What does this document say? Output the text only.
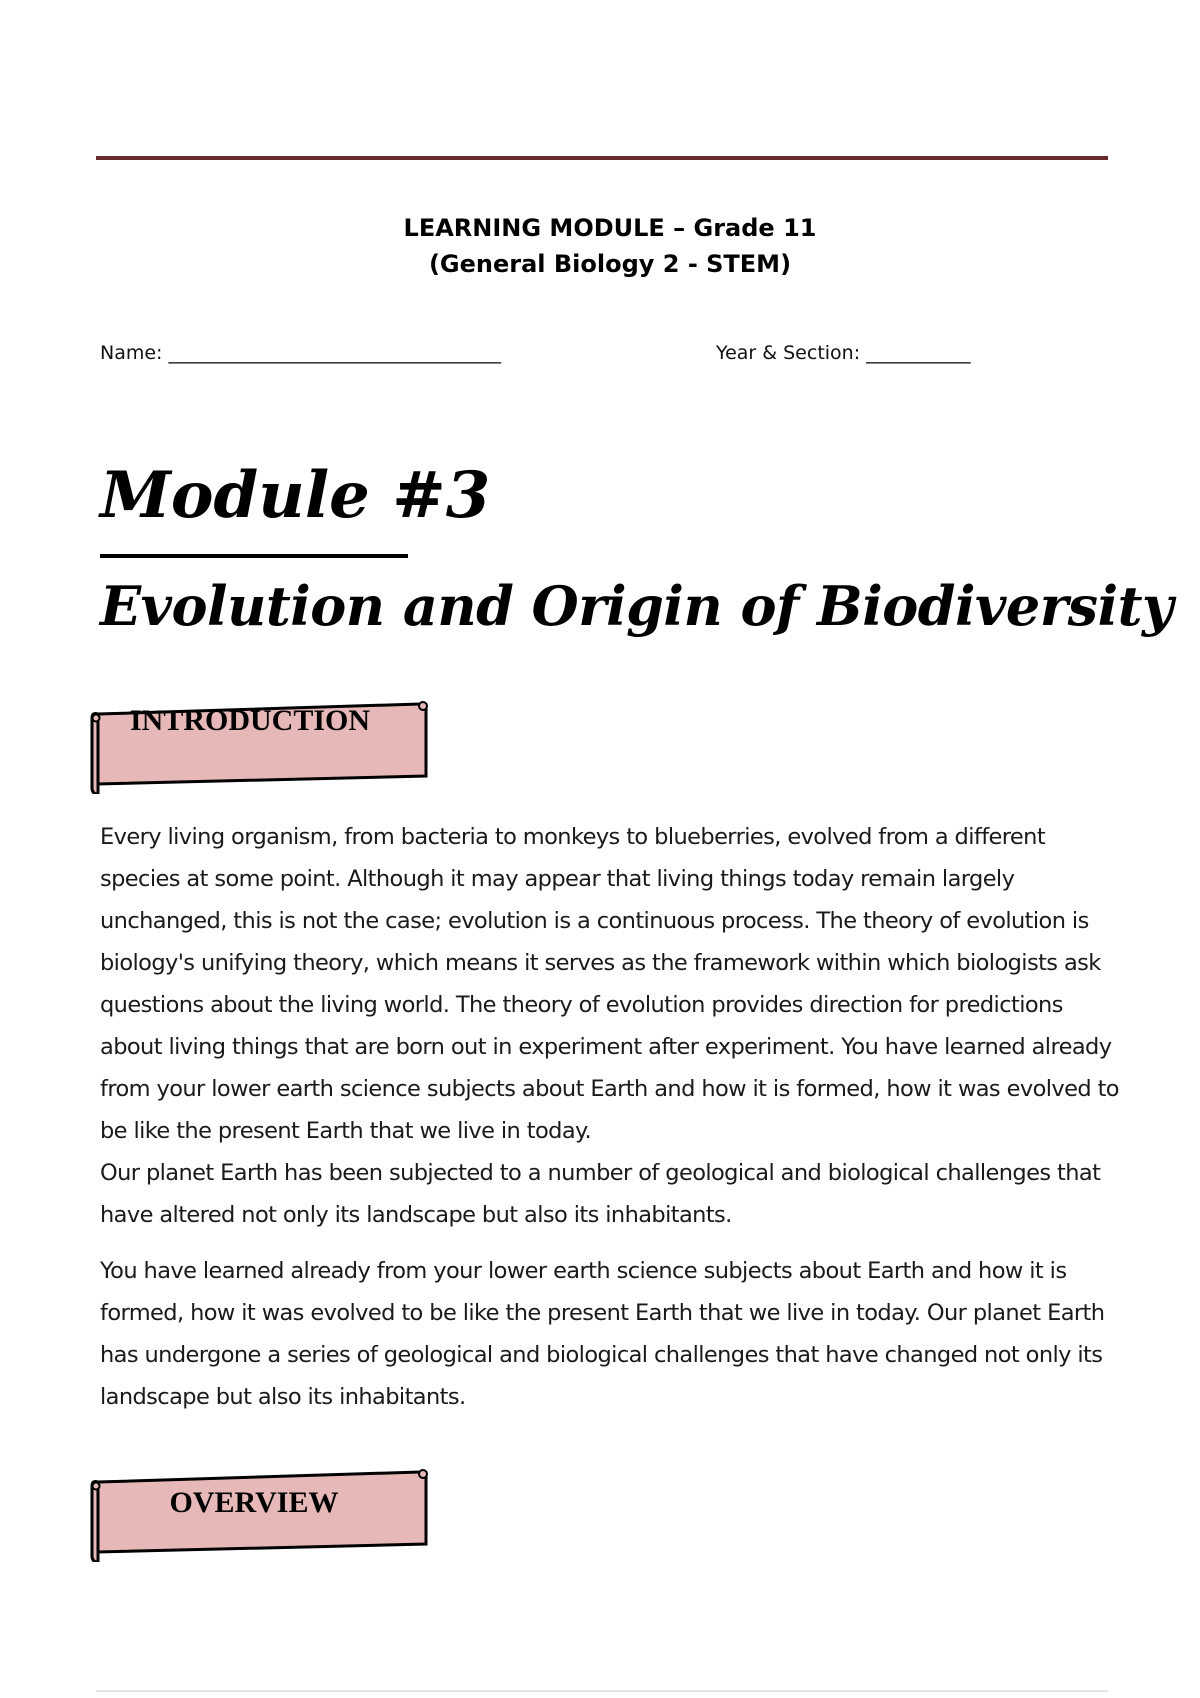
LEARNING MODULE – Grade 11
(General Biology 2 - STEM)
Name: ___________________________________	Year & Section: ___________
Module #3
Evolution and Origin of Biodiversity
INTRODUCTION
Every living organism, from bacteria to monkeys to blueberries, evolved from a different species at some point. Although it may appear that living things today remain largely unchanged, this is not the case; evolution is a continuous process. The theory of evolution is biology's unifying theory, which means it serves as the framework within which biologists ask questions about the living world. The theory of evolution provides direction for predictions about living things that are born out in experiment after experiment. You have learned already from your lower earth science subjects about Earth and how it is formed, how it was evolved to be like the present Earth that we live in today.
Our planet Earth has been subjected to a number of geological and biological challenges that have altered not only its landscape but also its inhabitants.
You have learned already from your lower earth science subjects about Earth and how it is formed, how it was evolved to be like the present Earth that we live in today. Our planet Earth has undergone a series of geological and biological challenges that have changed not only its landscape but also its inhabitants.
OVERVIEW
